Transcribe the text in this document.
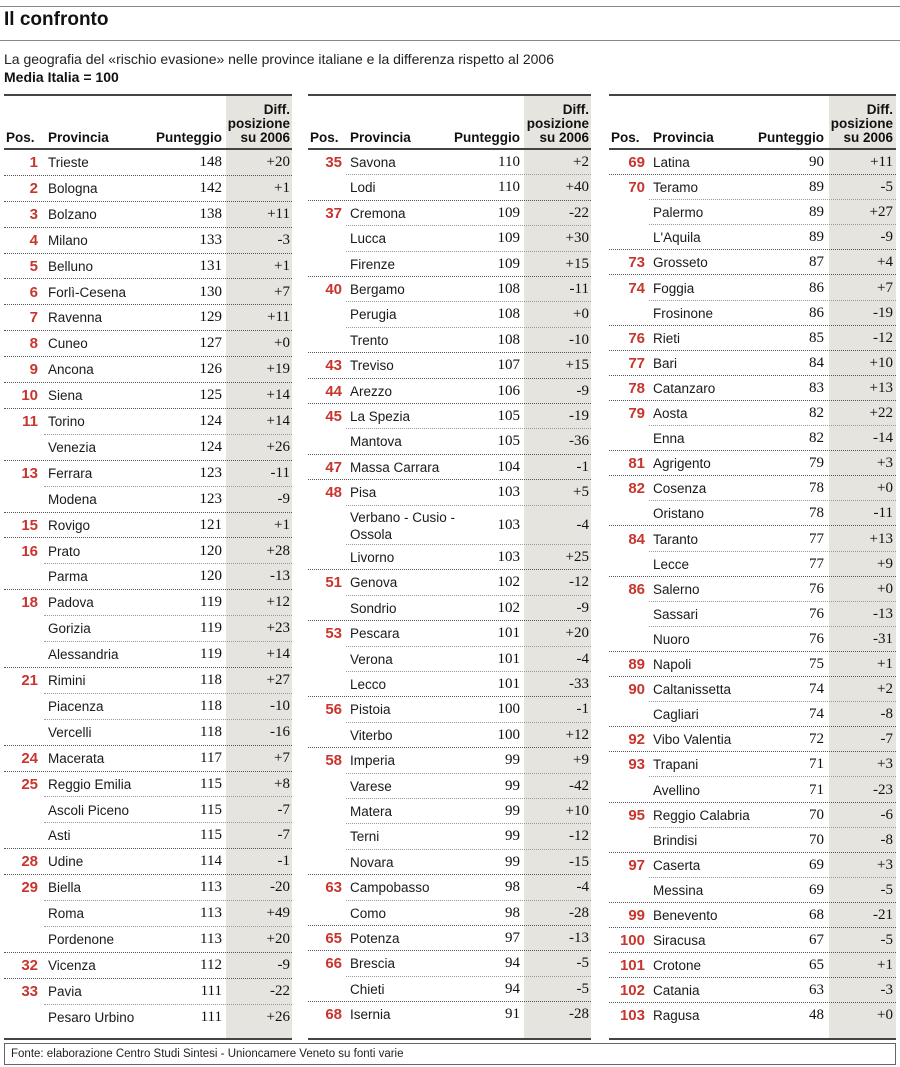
Il confronto
La geografia del «rischio evasione» nelle province italiane e la differenza rispetto al 2006
Media Italia = 100
Pos. Provincia	Punteggio
Diff.
posizione
su 2006
1 Trieste	148	+20
2 Bologna	142	+1
3 Bolzano	138	+11
4 Milano	133	-3
5 Belluno	131	+1
6 Forlì-Cesena	130	+7
7 Ravenna	129	+11
8 Cuneo	127	+0
9 Ancona	126	+19
10 Siena	125	+14
11 Torino	124	+14
Venezia	124	+26
13 Ferrara	123	-11
Modena	123	-9
15 Rovigo	121	+1
16 Prato	120	+28
Parma	120	-13
18 Padova	119	+12
Gorizia	119	+23
Alessandria	119	+14
21 Rimini	118	+27
Piacenza	118	-10
Vercelli	118	-16
24 Macerata	117	+7
25 Reggio Emilia	115	+8
Ascoli Piceno	115	-7
Asti	115	-7
28 Udine	114	-1
29 Biella	113	-20
Roma	113	+49
Pordenone	113	+20
32 Vicenza	112	-9
33 Pavia	111	-22
Pesaro Urbino	111	+26
Pos. Provincia	Punteggio
Diff.
posizione
su 2006
35 Savona	110	+2
Lodi	110	+40
37 Cremona	109	-22
Lucca	109	+30
Firenze	109	+15
40 Bergamo	108	-11
Perugia	108	+0
Trento	108	-10
43 Treviso	107	+15
44 Arezzo	106	-9
45 La Spezia	105	-19
Mantova	105	-36
47 Massa Carrara	104	-1
48 Pisa	103	+5
Verbano - Cusio - Ossola
103	-4
Livorno	103	+25
51 Genova	102	-12
Sondrio	102	-9
53 Pescara	101	+20
Verona	101	-4
Lecco	101	-33
56 Pistoia	100	-1
Viterbo	100	+12
58 Imperia	99	+9
Varese	99	-42
Matera	99	+10
Terni	99	-12
Novara	99	-15
63 Campobasso	98	-4
Como	98	-28
65 Potenza	97	-13
66 Brescia	94	-5
Chieti	94	-5
68 Isernia	91	-28
Pos. Provincia	Punteggio
Diff.
posizione
su 2006
69 Latina	90	+11
70 Teramo	89	-5
Palermo	89	+27
L'Aquila	89	-9
73 Grosseto	87	+4
74 Foggia	86	+7
Frosinone	86	-19
76 Rieti	85	-12
77 Bari	84	+10
78 Catanzaro	83	+13
79 Aosta	82	+22
Enna	82	-14
81 Agrigento	79	+3
82 Cosenza	78	+0
Oristano	78	-11
84 Taranto	77	+13
Lecce	77	+9
86 Salerno	76	+0
Sassari	76	-13
Nuoro	76	-31
89 Napoli	75	+1
90 Caltanissetta	74	+2
Cagliari	74	-8
92 Vibo Valentia	72	-7
93 Trapani	71	+3
Avellino	71	-23
95 Reggio Calabria	70	-6
Brindisi	70	-8
97 Caserta	69	+3
Messina	69	-5
99 Benevento	68	-21
100 Siracusa	67	-5
101 Crotone	65	+1
102 Catania	63	-3
103 Ragusa	48	+0
Fonte: elaborazione Centro Studi Sintesi - Unioncamere Veneto su fonti varie
